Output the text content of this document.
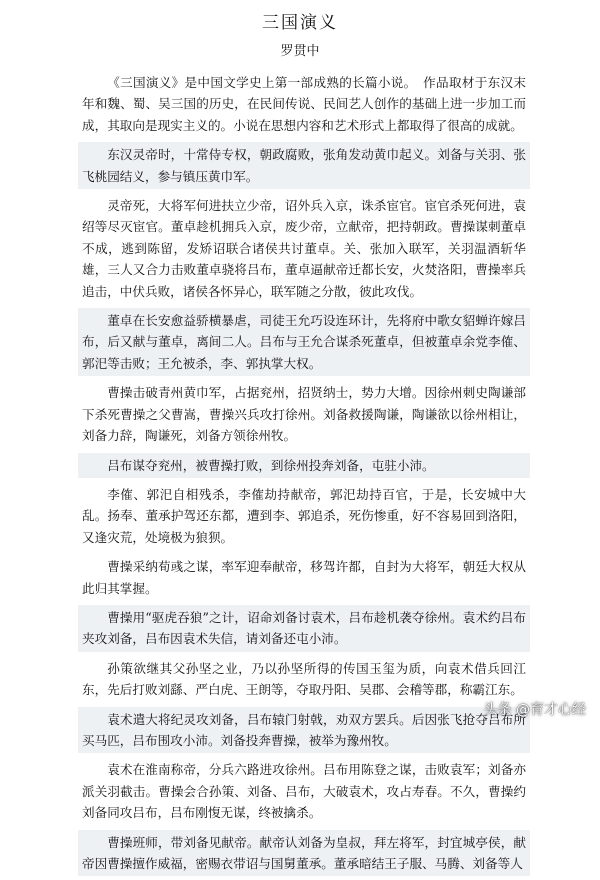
三国演义
罗贯中

《三国演义》是中国文学史上第一部成熟的长篇小说。　作品取材于东汉末年和魏、蜀、吴三国的历史，在民间传说、民间艺人创作的基础上进一步加工而成，其取向是现实主义的。小说在思想内容和艺术形式上都取得了很高的成就。

东汉灵帝时，十常侍专权，朝政腐败，张角发动黄巾起义。刘备与关羽、张飞桃园结义，参与镇压黄巾军。

灵帝死，大将军何进扶立少帝，诏外兵入京，诛杀宦官。宦官杀死何进，袁绍等尽灭宦官。董卓趁机拥兵入京，废少帝，立献帝，把持朝政。曹操谋刺董卓不成，逃到陈留，发矫诏联合诸侯共讨董卓。关、张加入联军，关羽温酒斩华雄，三人又合力击败董卓骁将吕布，董卓逼献帝迁都长安，火焚洛阳，曹操率兵追击，中伏兵败，诸侯各怀异心，联军随之分散，彼此攻伐。

董卓在长安愈益骄横暴虐，司徒王允巧设连环计，先将府中歌女貂蝉许嫁吕布，后又献与董卓，离间二人。吕布与王允合谋杀死董卓，但被董卓余党李傕、郭汜等击败；王允被杀，李、郭执掌大权。

曹操击破青州黄巾军，占据兖州，招贤纳士，势力大增。因徐州刺史陶谦部下杀死曹操之父曹嵩，曹操兴兵攻打徐州。刘备救援陶谦，陶谦欲以徐州相让，刘备力辞，陶谦死，刘备方领徐州牧。

吕布谋夺兖州，被曹操打败，到徐州投奔刘备，屯驻小沛。

李傕、郭汜自相残杀，李傕劫持献帝，郭汜劫持百官，于是，长安城中大乱。扬奉、董承护驾还东都，遭到李、郭追杀，死伤惨重，好不容易回到洛阳，又逢灾荒，处境极为狼狈。

曹操采纳荀彧之谋，率军迎奉献帝，移驾许都，自封为大将军，朝廷大权从此归其掌握。

曹操用“驱虎吞狼”之计，诏命刘备讨袁术，吕布趁机袭夺徐州。袁术约吕布夹攻刘备，吕布因袁术失信，请刘备还屯小沛。

孙策欲继其父孙坚之业，乃以孙坚所得的传国玉玺为质，向袁术借兵回江东，先后打败刘繇、严白虎、王朗等，夺取丹阳、吴郡、会稽等郡，称霸江东。

袁术遣大将纪灵攻刘备，吕布辕门射戟，劝双方罢兵。后因张飞抢夺吕布所买马匹，吕布围攻小沛。刘备投奔曹操，被举为豫州牧。

袁术在淮南称帝，分兵六路进攻徐州。吕布用陈登之谋，击败袁军；刘备亦派关羽截击。曹操会合孙策、刘备、吕布，大破袁术，攻占寿春。不久，曹操约刘备同攻吕布，吕布刚愎无谋，终被擒杀。

曹操班师，带刘备见献帝。献帝认刘备为皇叔，拜左将军，封宜城亭侯，献帝因曹操擅作威福，密赐衣带诏与国舅董承。董承暗结王子服、马腾、刘备等人

头条 @育才心经
